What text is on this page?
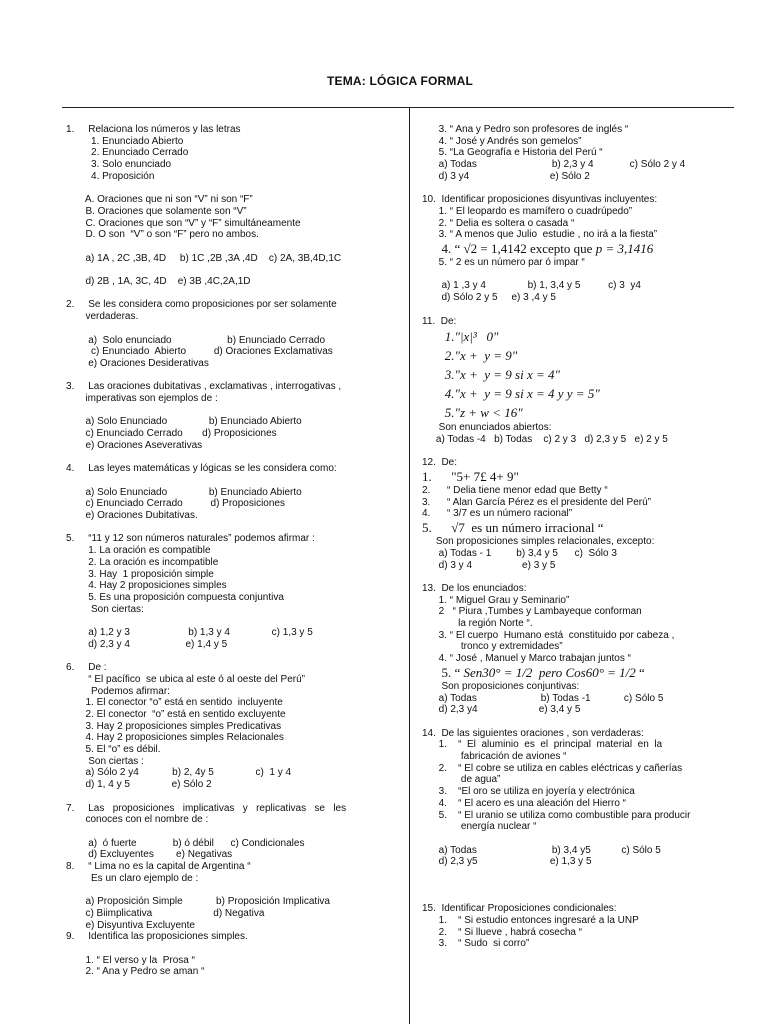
TEMA: LÓGICA FORMAL
1.     Relaciona los números y las letras
1. Enunciado Abierto
2. Enunciado Cerrado
3. Solo enunciado
4. Proposición
A. Oraciones que ni son “V” ni son “F”
B. Oraciones que solamente son “V”
C. Oraciones que son “V” y “F” simultáneamente
D. O son  “V” o son “F” pero no ambos.
a) 1A , 2C ,3B, 4D     b) 1C ,2B ,3A ,4D    c) 2A, 3B,4D,1C
d) 2B , 1A, 3C, 4D    e) 3B ,4C,2A,1D
2.     Se les considera como proposiciones por ser solamente
verdaderas.
a)  Solo enunciado                    b) Enunciado Cerrado
c) Enunciado  Abierto          d) Oraciones Exclamativas
e) Oraciones Desiderativas
3.     Las oraciones dubitativas , exclamativas , interrogativas ,
imperativas son ejemplos de :
a) Solo Enunciado               b) Enunciado Abierto
c) Enunciado Cerrado       d) Proposiciones
e) Oraciones Aseverativas
4.     Las leyes matemáticas y lógicas se les considera como:
a) Solo Enunciado               b) Enunciado Abierto
c) Enunciado Cerrado          d) Proposiciones
e) Oraciones Dubitativas.
5.     “11 y 12 son números naturales” podemos afirmar :
1. La oración es compatible
2. La oración es incompatible
3. Hay  1 proposición simple
4. Hay 2 proposiciones simples
5. Es una proposición compuesta conjuntiva
Son ciertas:
a) 1,2 y 3                     b) 1,3 y 4               c) 1,3 y 5
d) 2,3 y 4                    e) 1,4 y 5
6.     De :
“ El pacífico  se ubica al este ó al oeste del Perú”
Podemos afirmar:
1. El conector “o” está en sentido  incluyente
2. El conector  “o” está en sentido excluyente
3. Hay 2 proposiciones simples Predicativas
4. Hay 2 proposiciones simples Relacionales
5. El “o” es débil.
Son ciertas :
a) Sólo 2 y4            b) 2, 4y 5               c)  1 y 4
d) 1, 4 y 5               e) Sólo 2
7.     Las   proposiciones   implicativas   y   replicativas   se   les
conoces con el nombre de :
a)  ó fuerte             b) ó débil      c) Condicionales
d) Excluyentes        e) Negativas
8.     “ Lima no es la capital de Argentina “
Es un claro ejemplo de :
a) Proposición Simple            b) Proposición Implicativa
c) Biimplicativa                      d) Negativa
e) Disyuntiva Excluyente
9.     Identifica las proposiciones simples.
1. “ El verso y la  Prosa “
2. “ Ana y Pedro se aman “
3. “ Ana y Pedro son profesores de inglés “
4. “ José y Andrés son gemelos”
5. “La Geografía e Historia del Perú “
a) Todas                           b) 2,3 y 4             c) Sólo 2 y 4
d) 3 y4                             e) Sólo 2
10.  Identificar proposiciones disyuntivas incluyentes:
1. “ El leopardo es mamífero o cuadrúpedo”
2. “ Delia es soltera o casada “
3. “ A menos que Julio  estudie , no irá a la fiesta”
4. “ √2 = 1,4142 excepto que p = 3,1416
5. “ 2 es un número par ó impar “
a) 1 ,3 y 4               b) 1, 3,4 y 5          c) 3  y4
d) Sólo 2 y 5     e) 3 ,4 y 5
11.  De:
1."|x|³   0"
2."x +  y = 9"
3."x +  y = 9 si x = 4"
4."x +  y = 9 si x = 4 y y = 5"
5."z + w < 16"
Son enunciados abiertos:
a) Todas -4   b) Todas    c) 2 y 3   d) 2,3 y 5   e) 2 y 5
12.  De:
1.      "5+ 7£ 4+ 9"
2.      “ Delia tiene menor edad que Betty “
3.      “ Alan García Pérez es el presidente del Perú”
4.      “ 3/7 es un número racional”
5.      √7  es un número irracional “
Son proposiciones simples relacionales, excepto:
a) Todas - 1         b) 3,4 y 5      c)  Sólo 3
d) 3 y 4                  e) 3 y 5
13.  De los enunciados:
1. “ Miguel Grau y Seminario”
2   “ Piura ,Tumbes y Lambayeque conforman
la región Norte “.
3. “ El cuerpo  Humano está  constituido por cabeza ,
tronco y extremidades”
4. “ José , Manuel y Marco trabajan juntos “
5. “ Sen30° = 1/2  pero Cos60° = 1/2 “
Son proposiciones conjuntivas:
a) Todas                       b) Todas -1            c) Sólo 5
d) 2,3 y4                      e) 3,4 y 5
14.  De las siguientes oraciones , son verdaderas:
1.    “  El  aluminio  es  el  principal  material  en  la
fabricación de aviones “
2.    “ El cobre se utiliza en cables eléctricas y cañerías
de agua”
3.    “El oro se utiliza en joyería y electrónica
4.    “ El acero es una aleación del Hierro “
5.    “ El uranio se utiliza como combustible para producir
energía nuclear “
a) Todas                           b) 3,4 y5           c) Sólo 5
d) 2,3 y5                          e) 1,3 y 5
15.  Identificar Proposiciones condicionales:
1.    “ Si estudio entonces ingresaré a la UNP
2.    “ Si llueve , habrá cosecha “
3.    “ Sudo  si corro”
